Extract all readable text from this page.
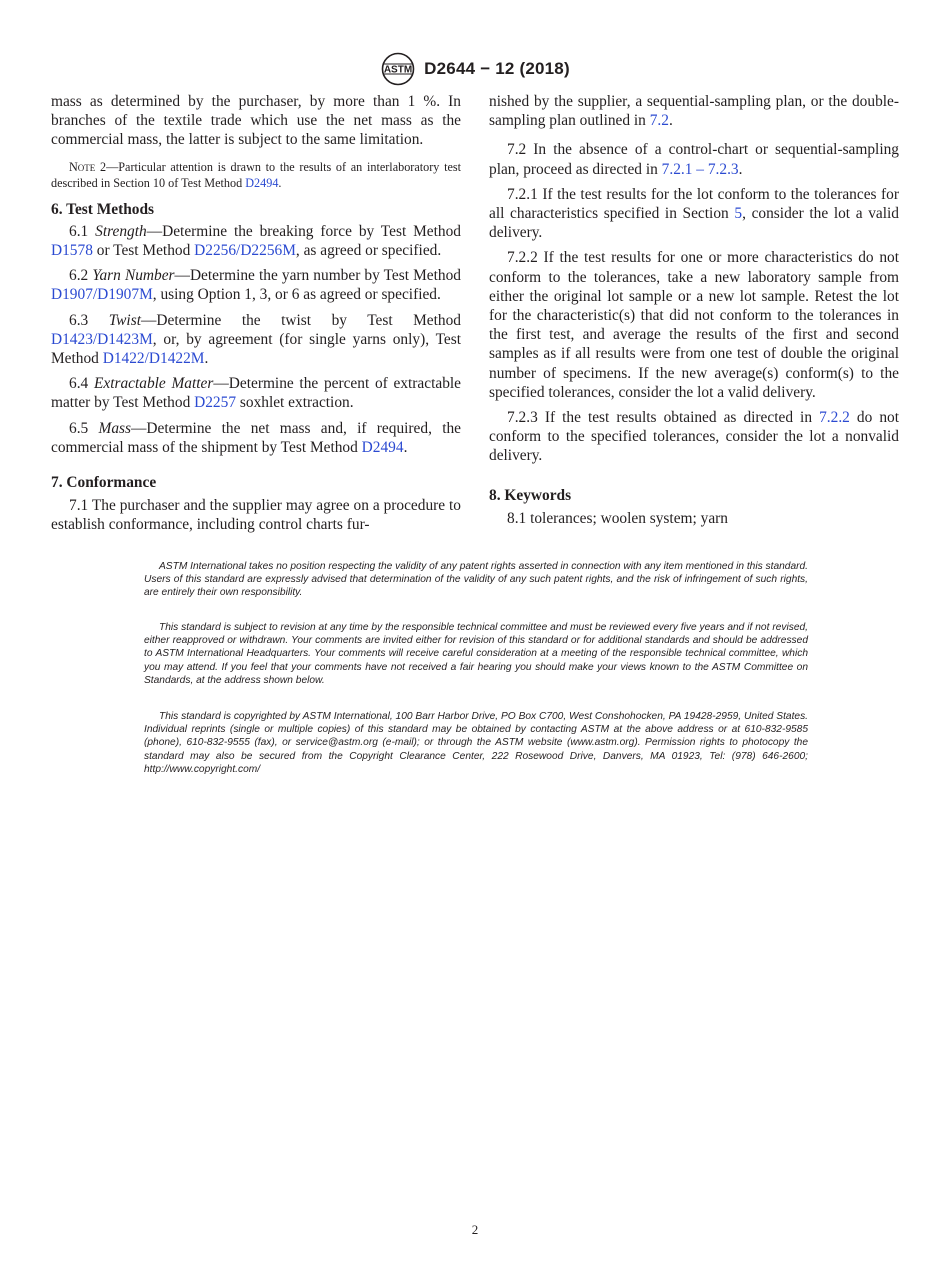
ASTM D2644 − 12 (2018)

mass as determined by the purchaser, by more than 1 %. In branches of the textile trade which use the net mass as the commercial mass, the latter is subject to the same limitation.

Note 2—Particular attention is drawn to the results of an interlaboratory test described in Section 10 of Test Method D2494.

6. Test Methods

6.1 Strength—Determine the breaking force by Test Method D1578 or Test Method D2256/D2256M, as agreed or specified.

6.2 Yarn Number—Determine the yarn number by Test Method D1907/D1907M, using Option 1, 3, or 6 as agreed or specified.

6.3 Twist—Determine the twist by Test Method D1423/D1423M, or, by agreement (for single yarns only), Test Method D1422/D1422M.

6.4 Extractable Matter—Determine the percent of extractable matter by Test Method D2257 soxhlet extraction.

6.5 Mass—Determine the net mass and, if required, the commercial mass of the shipment by Test Method D2494.

7. Conformance

7.1 The purchaser and the supplier may agree on a procedure to establish conformance, including control charts fur-

nished by the supplier, a sequential-sampling plan, or the double-sampling plan outlined in 7.2.

7.2 In the absence of a control-chart or sequential-sampling plan, proceed as directed in 7.2.1 – 7.2.3.

7.2.1 If the test results for the lot conform to the tolerances for all characteristics specified in Section 5, consider the lot a valid delivery.

7.2.2 If the test results for one or more characteristics do not conform to the tolerances, take a new laboratory sample from either the original lot sample or a new lot sample. Retest the lot for the characteristic(s) that did not conform to the tolerances in the first test, and average the results of the first and second samples as if all results were from one test of double the original number of specimens. If the new average(s) conform(s) to the specified tolerances, consider the lot a valid delivery.

7.2.3 If the test results obtained as directed in 7.2.2 do not conform to the specified tolerances, consider the lot a nonvalid delivery.

8. Keywords

8.1 tolerances; woolen system; yarn

ASTM International takes no position respecting the validity of any patent rights asserted in connection with any item mentioned in this standard. Users of this standard are expressly advised that determination of the validity of any such patent rights, and the risk of infringement of such rights, are entirely their own responsibility.

This standard is subject to revision at any time by the responsible technical committee and must be reviewed every five years and if not revised, either reapproved or withdrawn. Your comments are invited either for revision of this standard or for additional standards and should be addressed to ASTM International Headquarters. Your comments will receive careful consideration at a meeting of the responsible technical committee, which you may attend. If you feel that your comments have not received a fair hearing you should make your views known to the ASTM Committee on Standards, at the address shown below.

This standard is copyrighted by ASTM International, 100 Barr Harbor Drive, PO Box C700, West Conshohocken, PA 19428-2959, United States. Individual reprints (single or multiple copies) of this standard may be obtained by contacting ASTM at the above address or at 610-832-9585 (phone), 610-832-9555 (fax), or service@astm.org (e-mail); or through the ASTM website (www.astm.org). Permission rights to photocopy the standard may also be secured from the Copyright Clearance Center, 222 Rosewood Drive, Danvers, MA 01923, Tel: (978) 646-2600; http://www.copyright.com/

2
